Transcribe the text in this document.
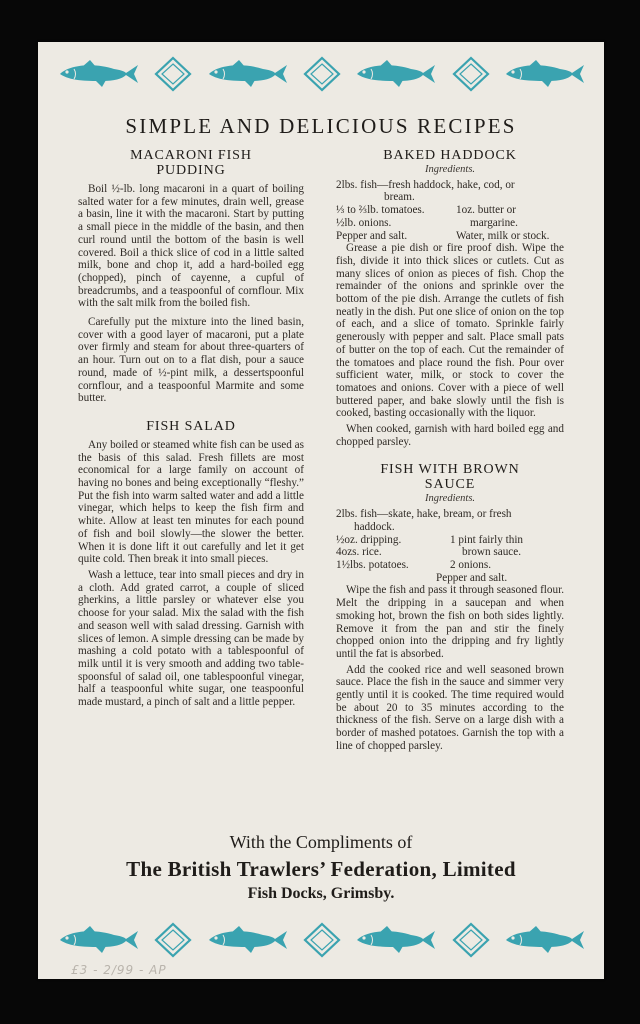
SIMPLE AND DELICIOUS RECIPES
MACARONI FISH
PUDDING

Boil ½-lb. long macaroni in a quart of boiling salted water for a few minutes, drain well, grease a basin, line it with the macaroni. Start by putting a small piece in the middle of the basin, and then curl round until the bottom of the basin is well covered. Boil a thick slice of cod in a little salted milk, bone and chop it, add a hard-boiled egg (chopped), pinch of cayenne, a cupful of breadcrumbs, and a teaspoonful of cornflour. Mix with the salt milk from the boiled fish.

Carefully put the mixture into the lined basin, cover with a good layer of macaroni, put a plate over firmly and steam for about three-quarters of an hour. Turn out on to a flat dish, pour a sauce round, made of ½-pint milk, a dessertspoonful cornflour, and a teaspoonful Marmite and some butter.

FISH SALAD

Any boiled or steamed white fish can be used as the basis of this salad. Fresh fillets are most economical for a large family on account of having no bones and being exceptionally “fleshy.” Put the fish into warm salted water and add a little vinegar, which helps to keep the fish firm and white. Allow at least ten minutes for each pound of fish and boil slowly—the slower the better. When it is done lift it out carefully and let it get quite cold. Then break it into small pieces.

Wash a lettuce, tear into small pieces and dry in a cloth. Add grated carrot, a couple of sliced gherkins, a little parsley or whatever else you choose for your salad. Mix the salad with the fish and season well with salad dressing. Garnish with slices of lemon. A simple dressing can be made by mashing a cold potato with a tablespoonful of milk until it is very smooth and adding two table-spoonsful of salad oil, one tablespoonful vinegar, half a teaspoonful white sugar, one teaspoonful made mustard, a pinch of salt and a little pepper.

BAKED HADDOCK
Ingredients.
2lbs. fish—fresh haddock, hake, cod, or
bream.
⅓ to ⅔lb. tomatoes.	1oz. butter or
½lb. onions.	margarine.
Pepper and salt.	Water, milk or stock.

Grease a pie dish or fire proof dish. Wipe the fish, divide it into thick slices or cutlets. Cut as many slices of onion as pieces of fish. Chop the remainder of the onions and sprinkle over the bottom of the pie dish. Arrange the cutlets of fish neatly in the dish. Put one slice of onion on the top of each, and a slice of tomato. Sprinkle fairly generously with pepper and salt. Place small pats of butter on the top of each. Cut the remainder of the tomatoes and place round the fish. Pour over sufficient water, milk, or stock to cover the tomatoes and onions. Cover with a piece of well buttered paper, and bake slowly until the fish is cooked, basting occasionally with the liquor.

When cooked, garnish with hard boiled egg and chopped parsley.

FISH WITH BROWN
SAUCE
Ingredients.
2lbs. fish—skate, hake, bream, or fresh
haddock.
½oz. dripping.	1 pint fairly thin
4ozs. rice.	brown sauce.
1½lbs. potatoes.	2 onions.
Pepper and salt.

Wipe the fish and pass it through seasoned flour. Melt the dripping in a saucepan and when smoking hot, brown the fish on both sides lightly. Remove it from the pan and stir the finely chopped onion into the dripping and fry lightly until the fat is absorbed.

Add the cooked rice and well seasoned brown sauce. Place the fish in the sauce and simmer very gently until it is cooked. The time required would be about 20 to 35 minutes according to the thickness of the fish. Serve on a large dish with a border of mashed potatoes. Garnish the top with a line of chopped parsley.

With the Compliments of
The British Trawlers’ Federation, Limited
Fish Docks, Grimsby.
£3 - 2/99 - AP
